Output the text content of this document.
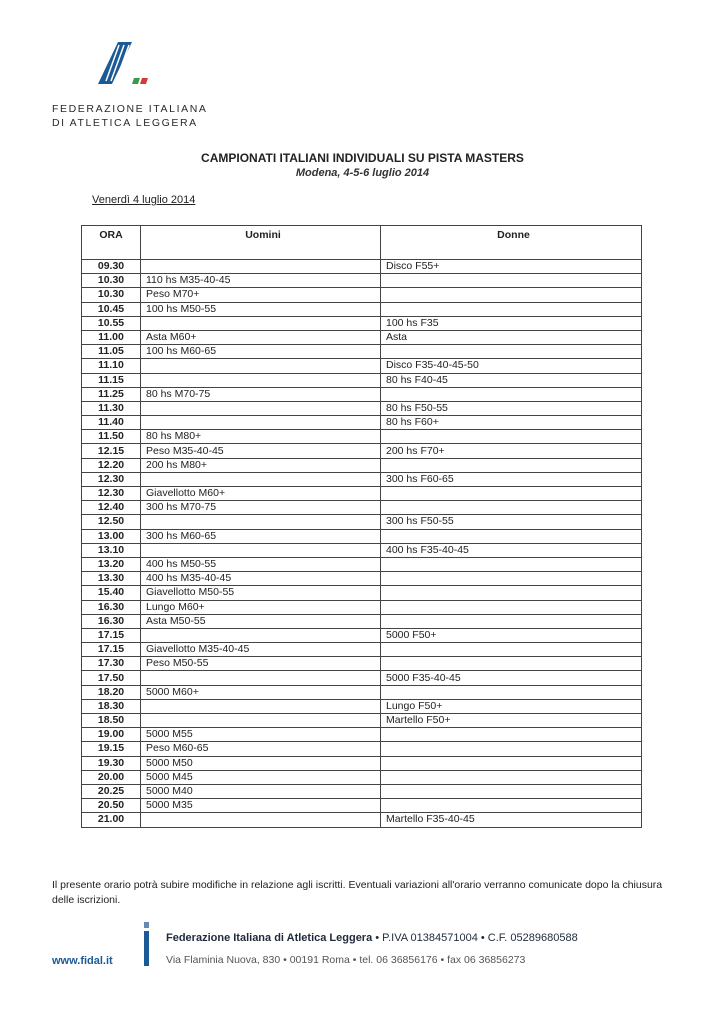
FEDERAZIONE ITALIANA
DI ATLETICA LEGGERA
CAMPIONATI ITALIANI INDIVIDUALI SU PISTA MASTERS
Modena, 4-5-6 luglio 2014
Venerdì 4 luglio 2014
ORA	Uomini	Donne
09.30		Disco F55+
10.30	110 hs M35-40-45	
10.30	Peso M70+	
10.45	100 hs M50-55	
10.55		100 hs F35
11.00	Asta M60+	Asta
11.05	100 hs M60-65	
11.10		Disco F35-40-45-50
11.15		80 hs F40-45
11.25	80 hs M70-75	
11.30		80 hs F50-55
11.40		80 hs F60+
11.50	80 hs M80+	
12.15	Peso M35-40-45	200 hs F70+
12.20	200 hs M80+	
12.30		300 hs F60-65
12.30	Giavellotto M60+	
12.40	300 hs M70-75	
12.50		300 hs F50-55
13.00	300 hs M60-65	
13.10		400 hs F35-40-45
13.20	400 hs M50-55	
13.30	400 hs M35-40-45	
15.40	Giavellotto M50-55	
16.30	Lungo M60+	
16.30	Asta M50-55	
17.15		5000 F50+
17.15	Giavellotto M35-40-45	
17.30	Peso M50-55	
17.50		5000 F35-40-45
18.20	5000 M60+	
18.30		Lungo F50+
18.50		Martello F50+
19.00	5000 M55	
19.15	Peso M60-65	
19.30	5000 M50	
20.00	5000 M45	
20.25	5000 M40	
20.50	5000 M35	
21.00		Martello F35-40-45
Il presente orario potrà subire modifiche in relazione agli iscritti. Eventuali variazioni all'orario verranno comunicate dopo la chiusura delle iscrizioni.
Federazione Italiana di Atletica Leggera • P.IVA 01384571004 • C.F. 05289680588
Via Flaminia Nuova, 830 • 00191 Roma • tel. 06 36856176 • fax 06 36856273
www.fidal.it
